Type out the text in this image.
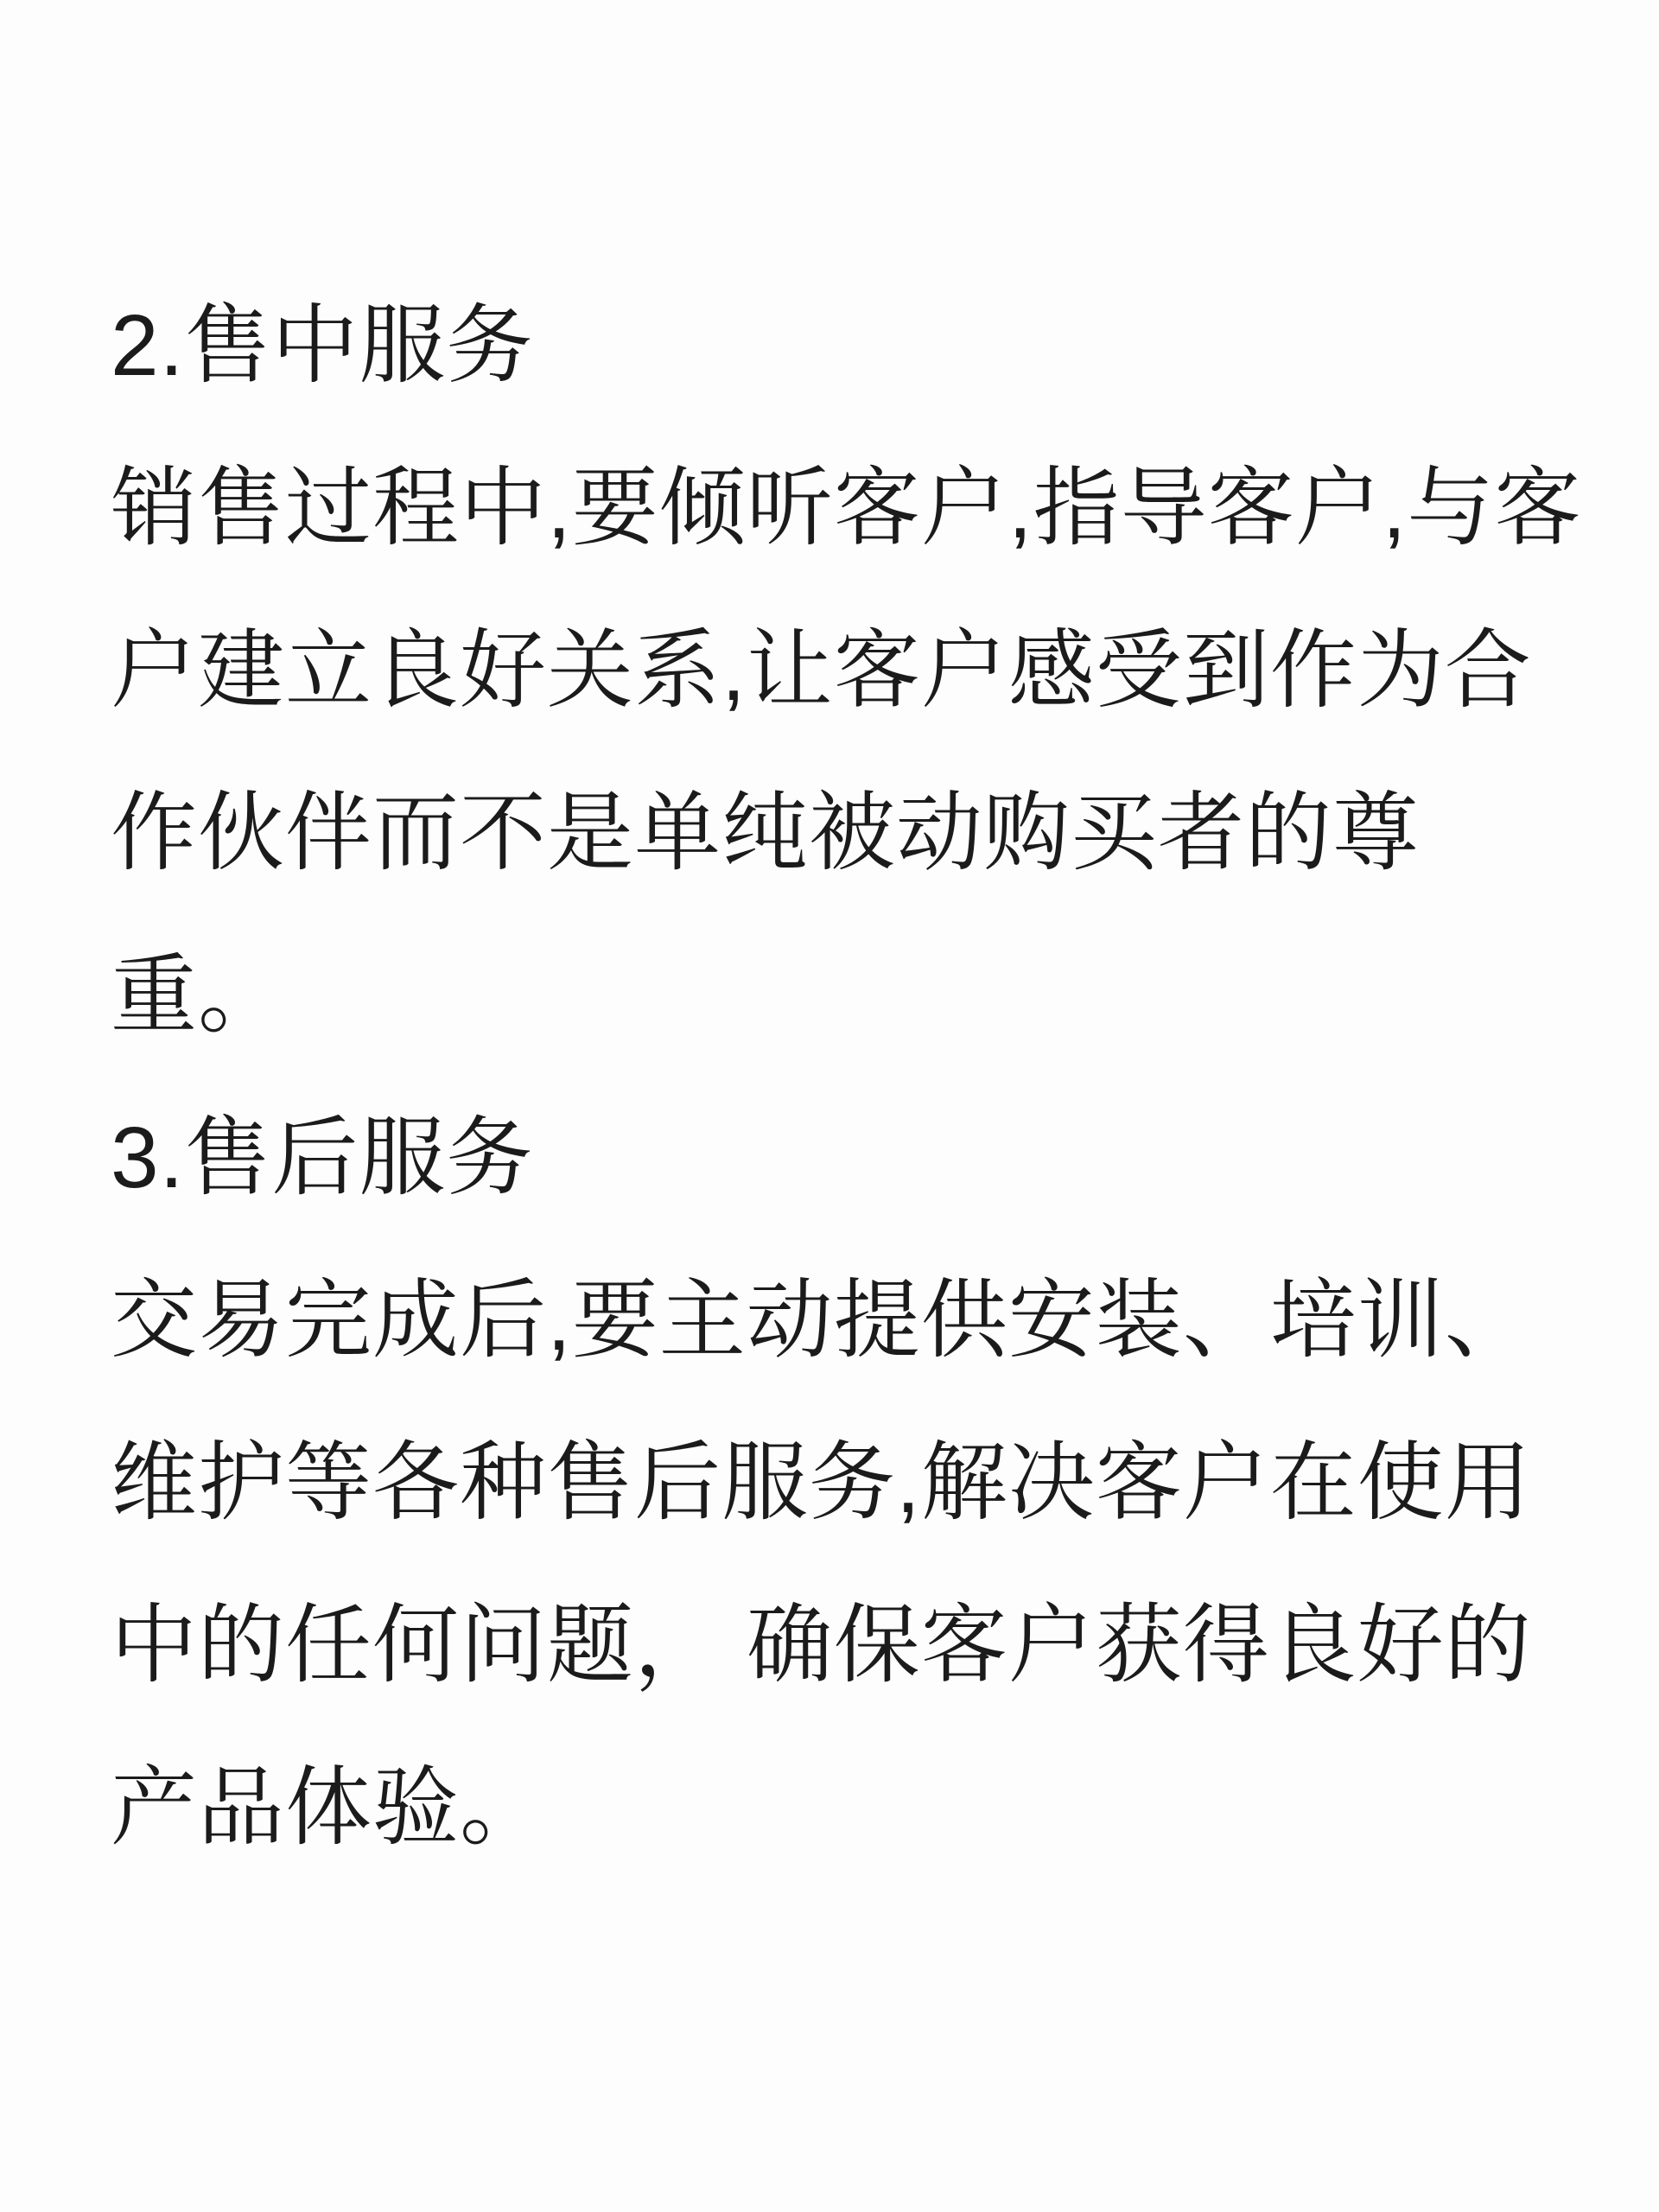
2.售中服务
销售过程中,要倾听客户,指导客户,与客
户建立良好关系,让客户感受到作为合
作伙伴而不是单纯被动购买者的尊
重。
3.售后服务
交易完成后,要主动提供安装、培训、
维护等各种售后服务,解决客户在使用
中的任何问题， 确保客户获得良好的
产品体验。
